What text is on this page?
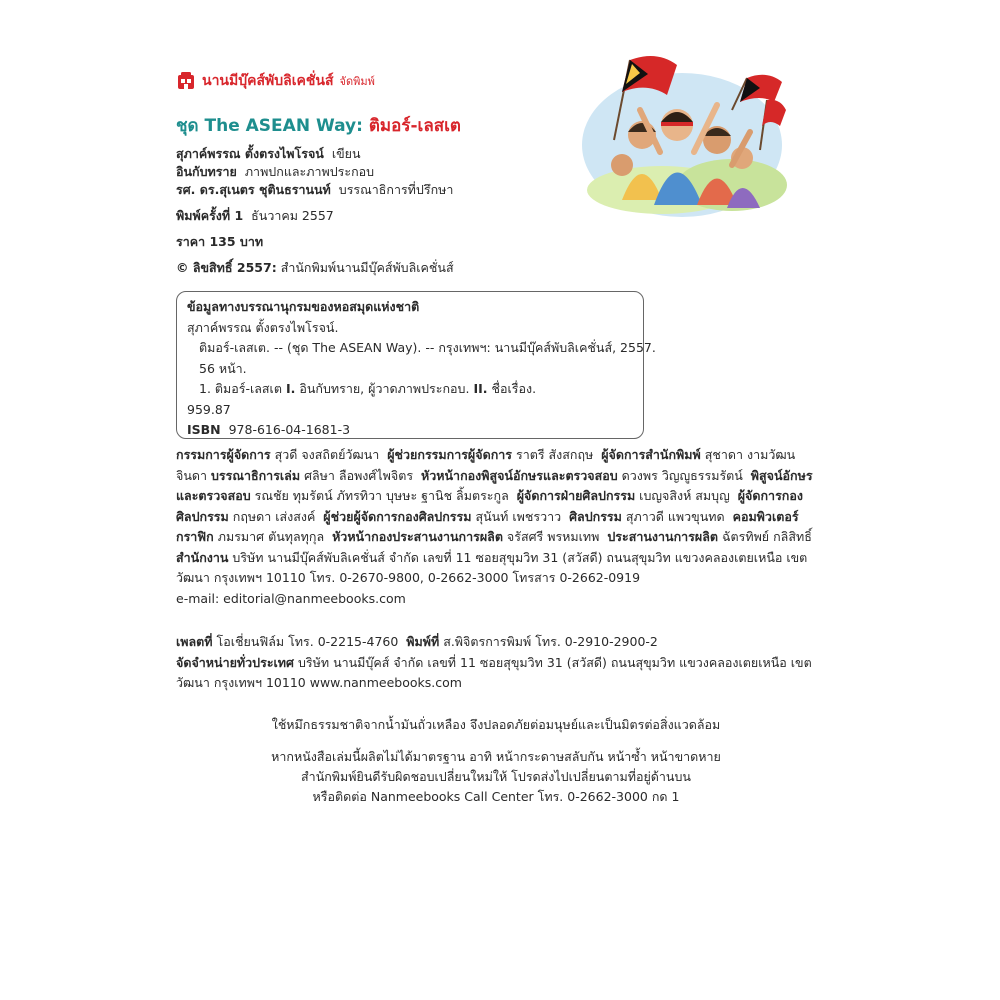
นานมีบุ๊คส์พับลิเคชั่นส์ จัดพิมพ์
ชุด The ASEAN Way: ติมอร์-เลสเต
สุภาค์พรรณ ตั้งตรงไพโรจน์ เขียน
อินกับทราย ภาพปกและภาพประกอบ
รศ. ดร.สุเนตร ชุตินธรานนท์ บรรณาธิการที่ปรึกษา
พิมพ์ครั้งที่ 1 ธันวาคม 2557
ราคา 135 บาท
© ลิขสิทธิ์ 2557: สำนักพิมพ์นานมีบุ๊คส์พับลิเคชั่นส์
ข้อมูลทางบรรณานุกรมของหอสมุดแห่งชาติ
สุภาค์พรรณ ตั้งตรงไพโรจน์.
ติมอร์-เลสเต. -- (ชุด The ASEAN Way). -- กรุงเทพฯ: นานมีบุ๊คส์พับลิเคชั่นส์, 2557.
56 หน้า.
1. ติมอร์-เลสเต I. อินกับทราย, ผู้วาดภาพประกอบ. II. ชื่อเรื่อง.
959.87
ISBN 978-616-04-1681-3
กรรมการผู้จัดการ สุวดี จงสถิตย์วัฒนา ผู้ช่วยกรรมการผู้จัดการ ราตรี สังสกฤษ ผู้จัดการสำนักพิมพ์ สุชาดา งามวัฒนจินดา บรรณาธิการเล่ม ศลิษา ลือพงศ์ไพจิตร หัวหน้ากองพิสูจน์อักษรและตรวจสอบ ดวงพร วิญญูธรรมรัตน์ พิสูจน์อักษรและตรวจสอบ รณชัย ทุมรัตน์ ภัทรทิวา บุษษะ ฐานิช ลิ้มตระกูล ผู้จัดการฝ่ายศิลปกรรม เบญจสิงห์ สมบุญ ผู้จัดการกองศิลปกรรม กฤษดา เส่งสงค์ ผู้ช่วยผู้จัดการกองศิลปกรรม สุนันท์ เพชรวาว ศิลปกรรม สุภาวดี แพวขุนทด คอมพิวเตอร์กราฟิก ภมรมาศ ตันทุลทุกุล หัวหน้ากองประสานงานการผลิต จรัสศรี พรหมเทพ ประสานงานการผลิต ฉัตรทิพย์ กลิสิทธิ์  สำนักงาน บริษัท นานมีบุ๊คส์พับลิเคชั่นส์ จำกัด เลขที่ 11 ซอยสุขุมวิท 31 (สวัสดี) ถนนสุขุมวิท แขวงคลองเตยเหนือ เขตวัฒนา กรุงเทพฯ 10110 โทร. 0-2670-9800, 0-2662-3000 โทรสาร 0-2662-0919
e-mail: editorial@nanmeebooks.com
เพลตที่ โอเชี่ยนฟิล์ม โทร. 0-2215-4760 พิมพ์ที่ ส.พิจิตรการพิมพ์ โทร. 0-2910-2900-2
จัดจำหน่ายทั่วประเทศ บริษัท นานมีบุ๊คส์ จำกัด เลขที่ 11 ซอยสุขุมวิท 31 (สวัสดี) ถนนสุขุมวิท แขวงคลองเตยเหนือ เขตวัฒนา กรุงเทพฯ 10110 www.nanmeebooks.com
ใช้หมึกธรรมชาติจากน้ำมันถั่วเหลือง จึงปลอดภัยต่อมนุษย์และเป็นมิตรต่อสิ่งแวดล้อม
หากหนังสือเล่มนี้ผลิตไม่ได้มาตรฐาน อาทิ หน้ากระดาษสลับกัน หน้าซ้ำ หน้าขาดหาย
สำนักพิมพ์ยินดีรับผิดชอบเปลี่ยนใหม่ให้ โปรดส่งไปเปลี่ยนตามที่อยู่ด้านบน
หรือติดต่อ Nanmeebooks Call Center โทร. 0-2662-3000 กด 1
